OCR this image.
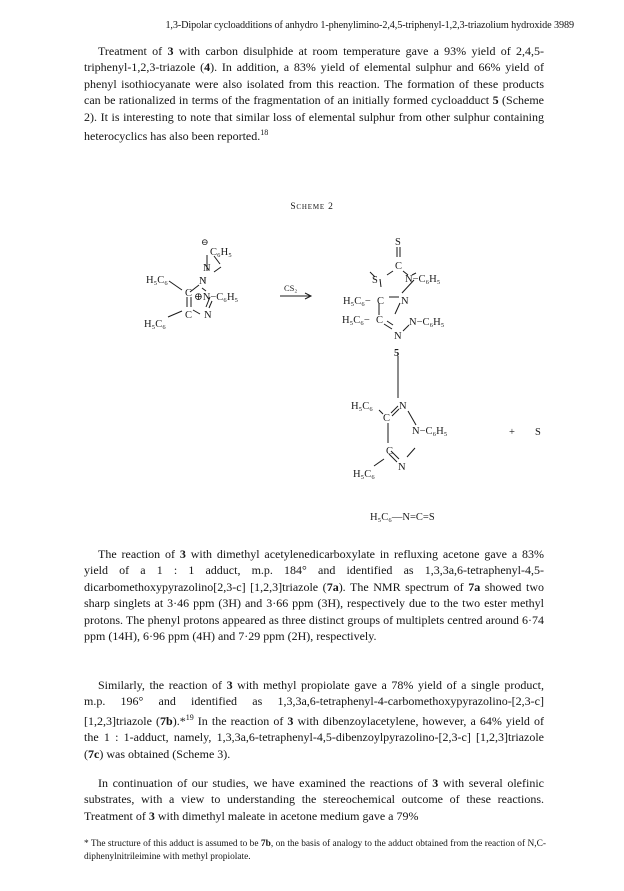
1,3-Dipolar cycloadditions of anhydro 1-phenylimino-2,4,5-triphenyl-1,2,3-triazolium hydroxide 3989

Treatment of 3 with carbon disulphide at room temperature gave a 93% yield of 2,4,5-triphenyl-1,2,3-triazole (4). In addition, a 83% yield of elemental sulphur and 66% yield of phenyl isothiocyanate were also isolated from this reaction. The formation of these products can be rationalized in terms of the fragmentation of an initially formed cycloadduct 5 (Scheme 2). It is interesting to note that similar loss of elemental sulphur from other sulphur containing heterocyclics has also been reported.$^{18}$

Scheme 2
⊖
C₆H₅
N
N
H₅C₆
C ⊕N−C₆H₅
C
H₅C₆
N
CS₂
S
C
S	N−C₆H₅
H₅C₆− C N
H₅C₆− C N−C₆H₅
N
5
H₅C₆
C
N
N−C₆H₅
C
N
H₅C₆
+ S
H₅C₆—N=C=S

The reaction of 3 with dimethyl acetylenedicarboxylate in refluxing acetone gave a 83% yield of a 1 : 1 adduct, m.p. 184° and identified as 1,3,3a,6-tetraphenyl-4,5-dicarbomethoxypyrazolino[2,3-c] [1,2,3]triazole (7a). The NMR spectrum of 7a showed two sharp singlets at 3·46 ppm (3H) and 3·66 ppm (3H), respectively due to the two ester methyl protons. The phenyl protons appeared as three distinct groups of multiplets centred around 6·74 ppm (14H), 6·96 ppm (4H) and 7·29 ppm (2H), respectively.

Similarly, the reaction of 3 with methyl propiolate gave a 78% yield of a single product, m.p. 196° and identified as 1,3,3a,6-tetraphenyl-4-carbomethoxypyrazolino-[2,3-c] [1,2,3]triazole (7b).*$^{19}$ In the reaction of 3 with dibenzoylacetylene, however, a 64% yield of the 1 : 1-adduct, namely, 1,3,3a,6-tetraphenyl-4,5-dibenzoylpyrazolino-[2,3-c] [1,2,3]triazole (7c) was obtained (Scheme 3).

In continuation of our studies, we have examined the reactions of 3 with several olefinic substrates, with a view to understanding the stereochemical outcome of these reactions. Treatment of 3 with dimethyl maleate in acetone medium gave a 79%

* The structure of this adduct is assumed to be 7b, on the basis of analogy to the adduct obtained from the reaction of N,C-diphenylnitrileimine with methyl propiolate.
